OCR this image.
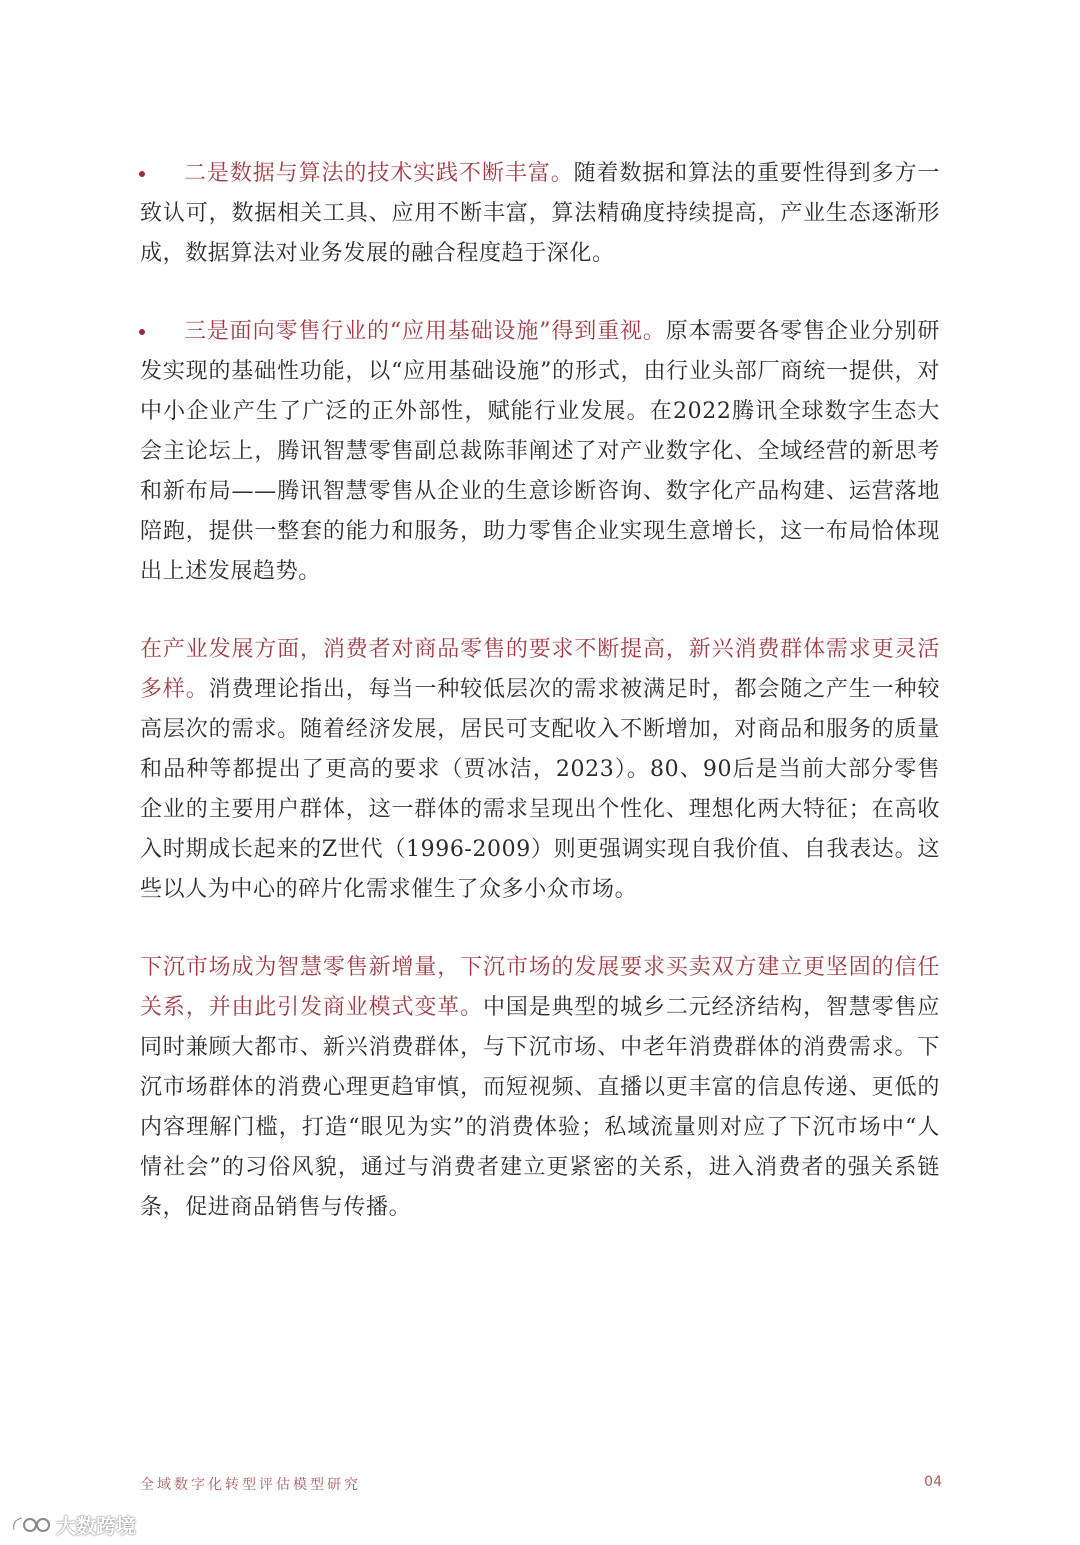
二是数据与算法的技术实践不断丰富。随着数据和算法的重要性得到多方一致认可，数据相关工具、应用不断丰富，算法精确度持续提高，产业生态逐渐形成，数据算法对业务发展的融合程度趋于深化。

三是面向零售行业的“应用基础设施”得到重视。原本需要各零售企业分别研发实现的基础性功能，以“应用基础设施”的形式，由行业头部厂商统一提供，对中小企业产生了广泛的正外部性，赋能行业发展。在2022腾讯全球数字生态大会主论坛上，腾讯智慧零售副总裁陈菲阐述了对产业数字化、全域经营的新思考和新布局——腾讯智慧零售从企业的生意诊断咨询、数字化产品构建、运营落地陪跑，提供一整套的能力和服务，助力零售企业实现生意增长，这一布局恰体现出上述发展趋势。

在产业发展方面，消费者对商品零售的要求不断提高，新兴消费群体需求更灵活多样。消费理论指出，每当一种较低层次的需求被满足时，都会随之产生一种较高层次的需求。随着经济发展，居民可支配收入不断增加，对商品和服务的质量和品种等都提出了更高的要求（贾冰洁，2023）。80、90后是当前大部分零售企业的主要用户群体，这一群体的需求呈现出个性化、理想化两大特征；在高收入时期成长起来的Z世代（1996-2009）则更强调实现自我价值、自我表达。这些以人为中心的碎片化需求催生了众多小众市场。

下沉市场成为智慧零售新增量，下沉市场的发展要求买卖双方建立更坚固的信任关系，并由此引发商业模式变革。中国是典型的城乡二元经济结构，智慧零售应同时兼顾大都市、新兴消费群体，与下沉市场、中老年消费群体的消费需求。下沉市场群体的消费心理更趋审慎，而短视频、直播以更丰富的信息传递、更低的内容理解门槛，打造“眼见为实”的消费体验；私域流量则对应了下沉市场中“人情社会”的习俗风貌，通过与消费者建立更紧密的关系，进入消费者的强关系链条，促进商品销售与传播。

全域数字化转型评估模型研究	04
大数跨境
